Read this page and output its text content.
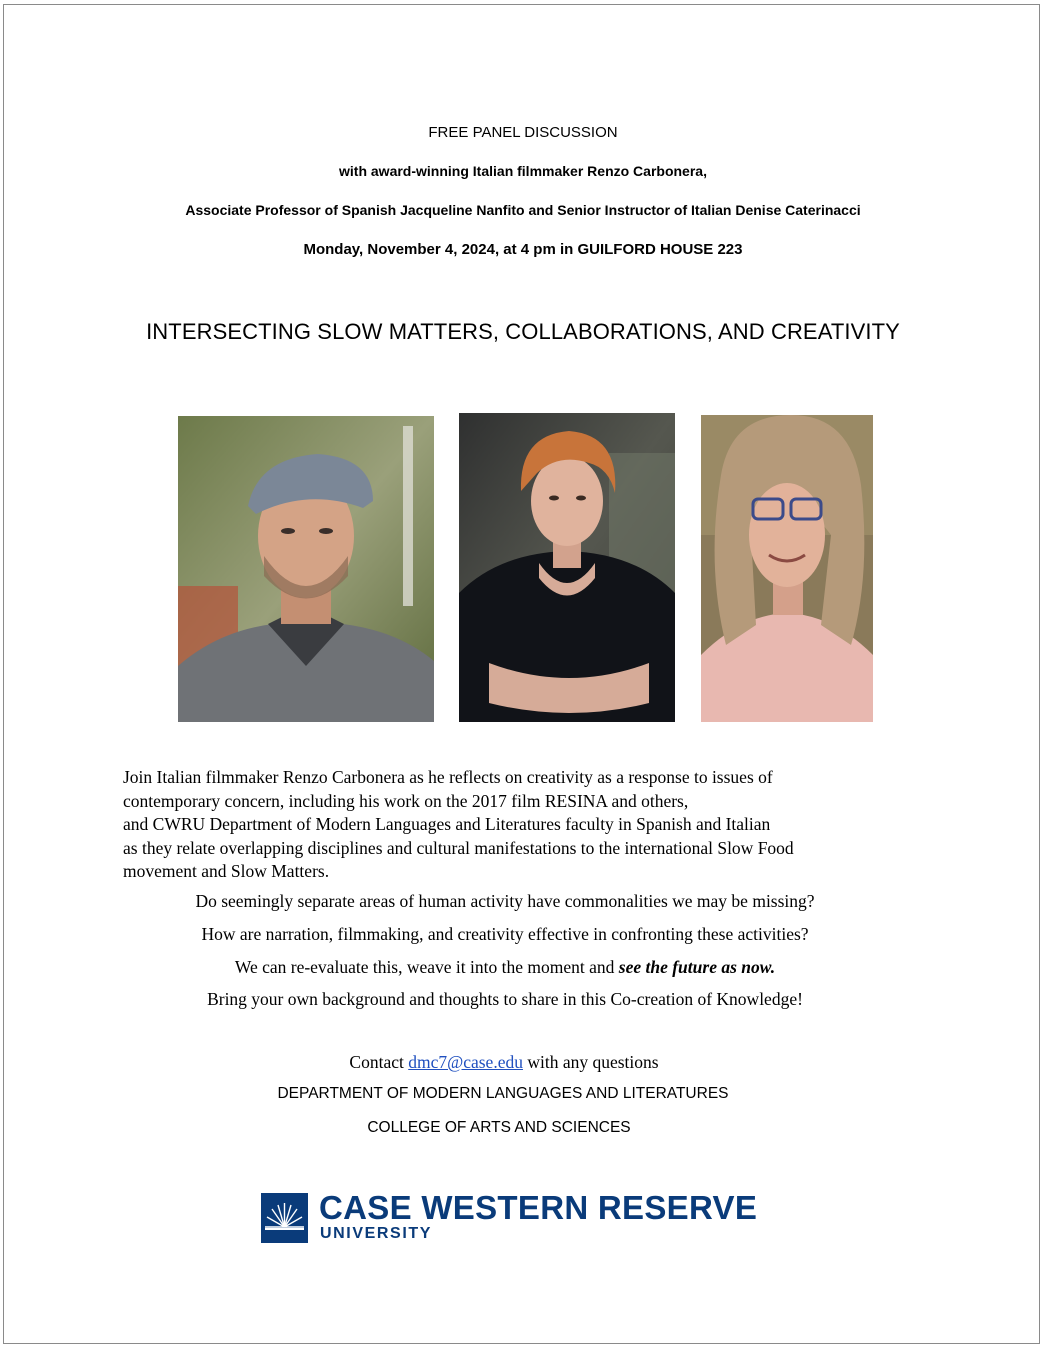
FREE PANEL DISCUSSION
with award-winning Italian filmmaker Renzo Carbonera,
Associate Professor of Spanish Jacqueline Nanfito and Senior Instructor of Italian Denise Caterinacci
Monday, November 4, 2024, at 4 pm in GUILFORD HOUSE 223
INTERSECTING SLOW MATTERS, COLLABORATIONS, AND CREATIVITY
Join Italian filmmaker Renzo Carbonera as he reflects on creativity as a response to issues of
contemporary concern, including his work on the 2017 film RESINA and others,
and CWRU Department of Modern Languages and Literatures faculty in Spanish and Italian
as they relate overlapping disciplines and cultural manifestations to the international Slow Food
movement and Slow Matters.
Do seemingly separate areas of human activity have commonalities we may be missing?
How are narration, filmmaking, and creativity effective in confronting these activities?
We can re-evaluate this, weave it into the moment and see the future as now.
Bring your own background and thoughts to share in this Co-creation of Knowledge!
Contact dmc7@case.edu with any questions
DEPARTMENT OF MODERN LANGUAGES AND LITERATURES
COLLEGE OF ARTS AND SCIENCES
CASE WESTERN RESERVE
UNIVERSITY
